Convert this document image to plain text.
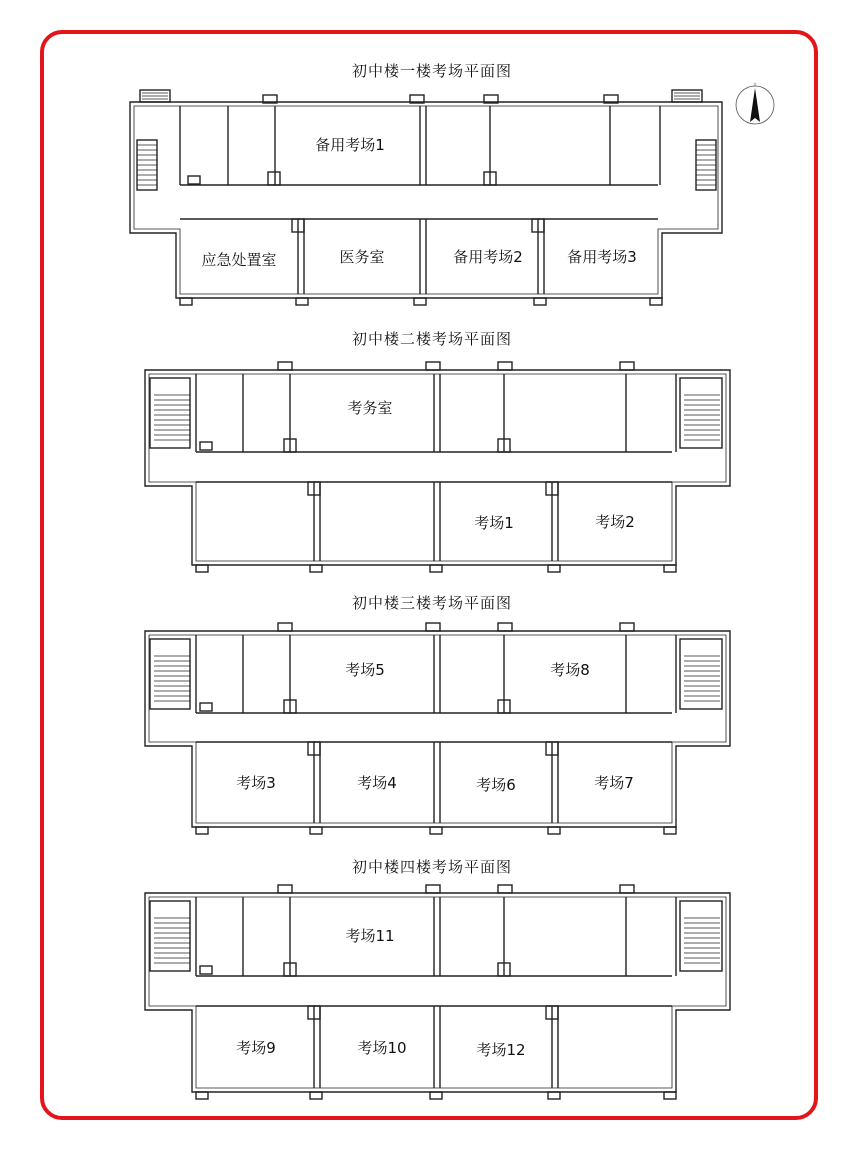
初中楼一楼考场平面图
初中楼二楼考场平面图
初中楼三楼考场平面图
初中楼四楼考场平面图
北
备用考场1
应急处置室	医务室	备用考场2	备用考场3
考务室
考场1	考场2
考场5	考场8
考场3	考场4	考场6	考场7
考场11
考场9	考场10	考场12
